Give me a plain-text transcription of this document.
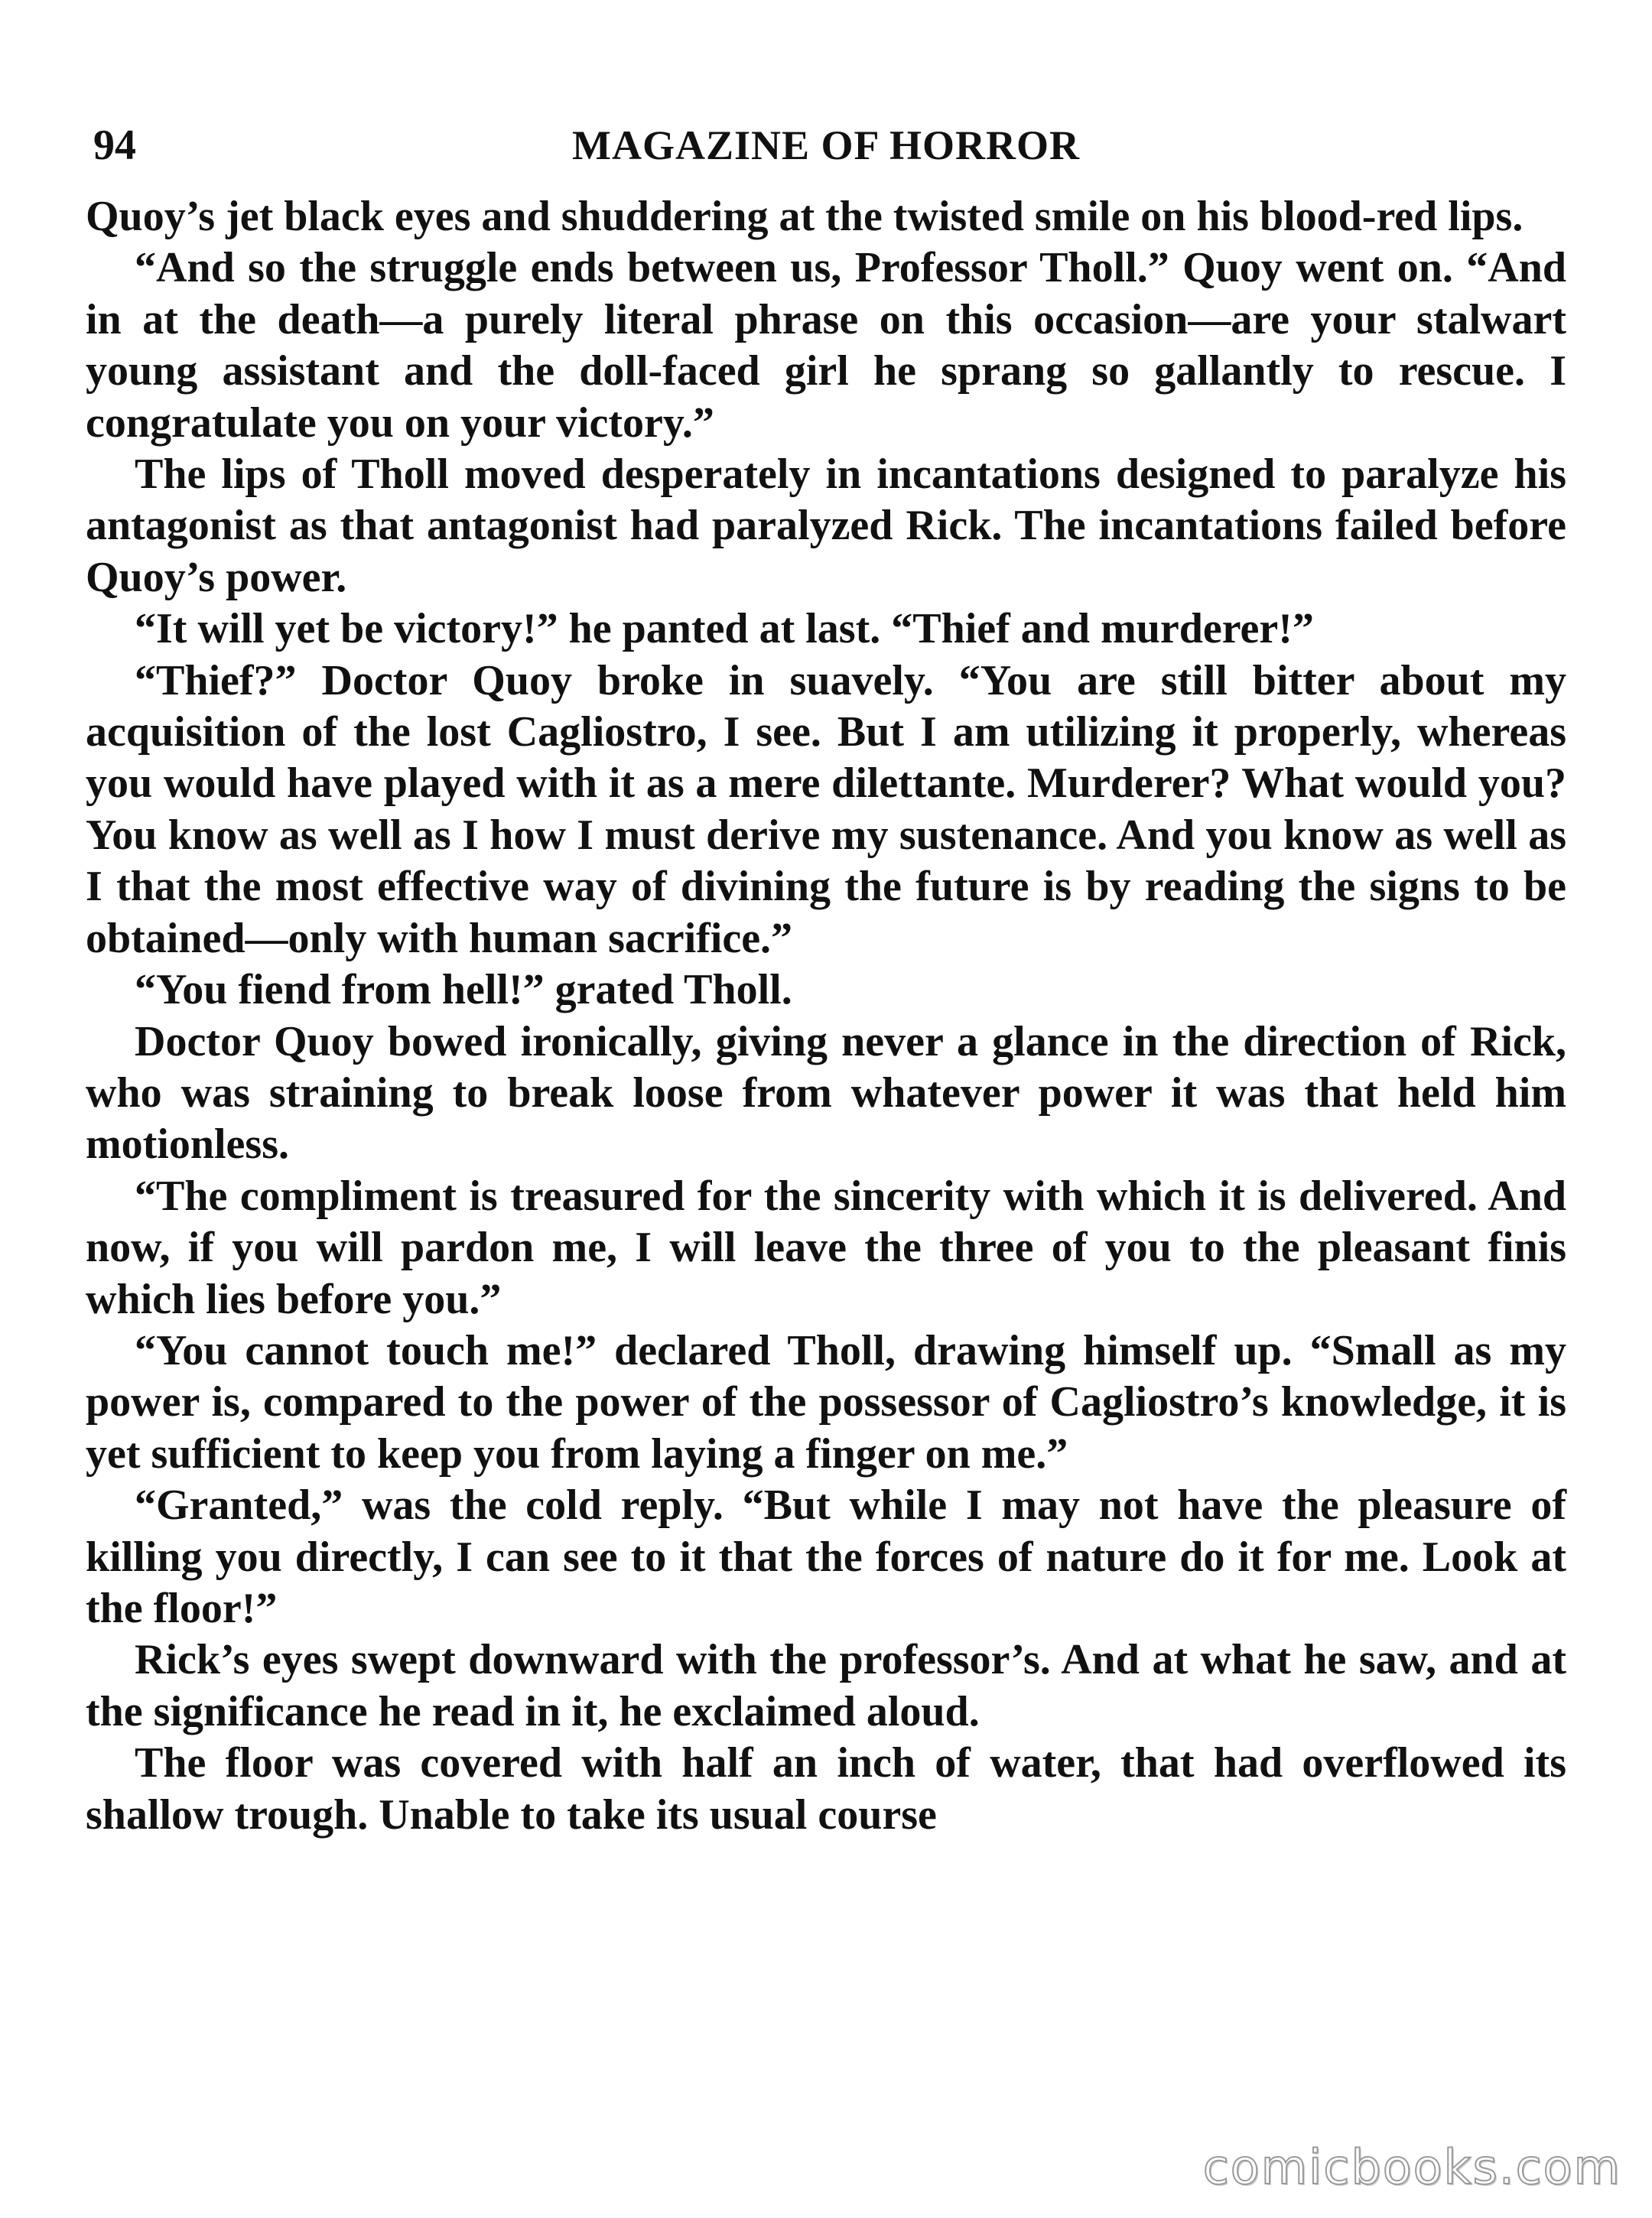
94	MAGAZINE OF HORROR

Quoy’s jet black eyes and shuddering at the twisted smile on his blood-red lips.

“And so the struggle ends between us, Professor Tholl.” Quoy went on. “And in at the death—a purely literal phrase on this occasion—are your stalwart young assistant and the doll-faced girl he sprang so gallantly to rescue. I congratulate you on your victory.”

The lips of Tholl moved desperately in incantations designed to paralyze his antagonist as that antagonist had paralyzed Rick. The incantations failed before Quoy’s power.

“It will yet be victory!” he panted at last. “Thief and murderer!”

“Thief?” Doctor Quoy broke in suavely. “You are still bitter about my acquisition of the lost Cagliostro, I see. But I am utilizing it properly, whereas you would have played with it as a mere dilettante. Murderer? What would you? You know as well as I how I must derive my sustenance. And you know as well as I that the most effective way of divining the future is by reading the signs to be obtained—only with human sacrifice.”

“You fiend from hell!” grated Tholl.

Doctor Quoy bowed ironically, giving never a glance in the direction of Rick, who was straining to break loose from whatever power it was that held him motionless.

“The compliment is treasured for the sincerity with which it is delivered. And now, if you will pardon me, I will leave the three of you to the pleasant finis which lies before you.”

“You cannot touch me!” declared Tholl, drawing himself up. “Small as my power is, compared to the power of the possessor of Cagliostro’s knowledge, it is yet sufficient to keep you from laying a finger on me.”

“Granted,” was the cold reply. “But while I may not have the pleasure of killing you directly, I can see to it that the forces of nature do it for me. Look at the floor!”

Rick’s eyes swept downward with the professor’s. And at what he saw, and at the significance he read in it, he exclaimed aloud.

The floor was covered with half an inch of water, that had overflowed its shallow trough. Unable to take its usual course

comicbooks.com
